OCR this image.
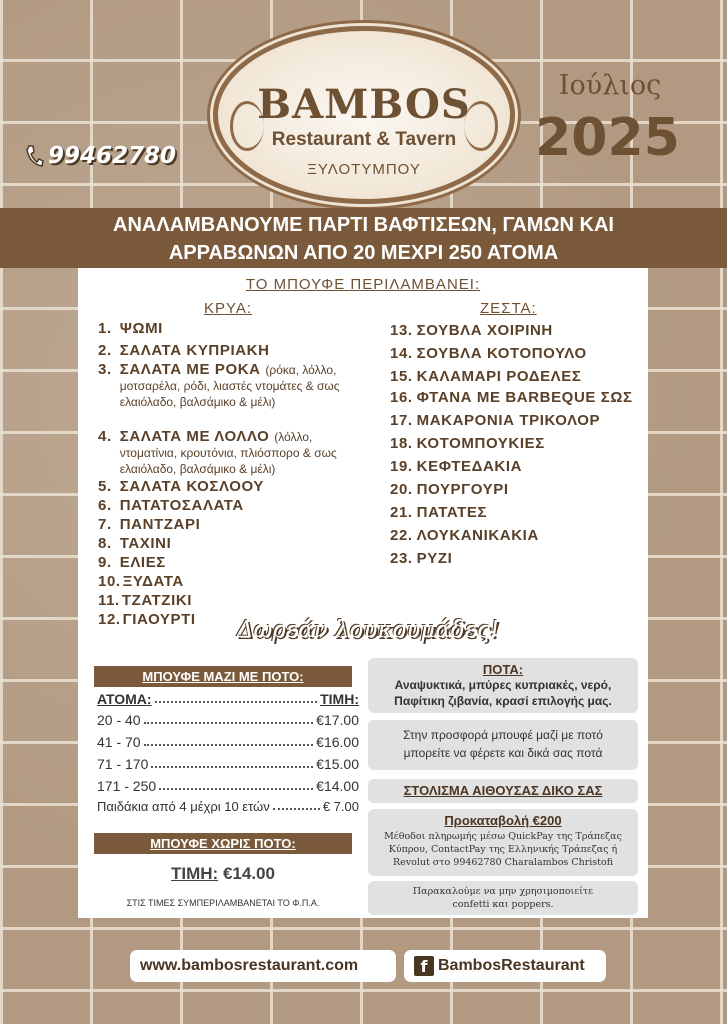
BAMBOS
Restaurant & Tavern
ΞΥΛΟΤΥΜΠΟΥ
99462780
Ιούλιος
2025
ΑΝΑΛΑΜΒΑΝΟΥΜΕ ΠΑΡΤΙ ΒΑΦΤΙΣΕΩΝ, ΓΑΜΩΝ ΚΑΙ
ΑΡΡΑΒΩΝΩΝ ΑΠΟ 20 ΜΕΧΡΙ 250 ΑΤΟΜΑ
ΤΟ ΜΠΟΥΦΕ ΠΕΡΙΛΑΜΒΑΝΕΙ:
ΚΡΥΑ:	ΖΕΣΤΑ:
1. ΨΩΜΙ
2. ΣΑΛΑΤΑ ΚΥΠΡΙΑΚΗ
3. ΣΑΛΑΤΑ ΜΕ ΡΟΚΑ (ρόκα, λόλλο, μοτσαρέλα, ρόδι, λιαστές ντομάτες & σως ελαιόλαδο, βαλσάμικο & μέλι)
4. ΣΑΛΑΤΑ ΜΕ ΛΟΛΛΟ (λόλλο, ντοματίνια, κρουτόνια, πλιόσπορο & σως ελαιόλαδο, βαλσάμικο & μέλι)
5. ΣΑΛΑΤΑ ΚΟΣΛΟΟΥ
6. ΠΑΤΑΤΟΣΑΛΑΤΑ
7. ΠΑΝΤΖΑΡΙ
8. ΤΑΧΙΝΙ
9. ΕΛΙΕΣ
10. ΞΥΔΑΤΑ
11. ΤΖΑΤΖΙΚΙ
12. ΓΙΑΟΥΡΤΙ
13. ΣΟΥΒΛΑ ΧΟΙΡΙΝΗ
14. ΣΟΥΒΛΑ ΚΟΤΟΠΟΥΛΟ
15. ΚΑΛΑΜΑΡΙ ΡΟΔΕΛΕΣ
16. ΦΤΑΝΑ ΜΕ BARBEQUE ΣΩΣ
17. ΜΑΚΑΡΟΝΙΑ ΤΡΙΚΟΛΟΡ
18. ΚΟΤΟΜΠΟΥΚΙΕΣ
19. ΚΕΦΤΕΔΑΚΙΑ
20. ΠΟΥΡΓΟΥΡΙ
21. ΠΑΤΑΤΕΣ
22. ΛΟΥΚΑΝΙΚΑΚΙΑ
23. ΡΥΖΙ
Δωρεάν λουκουμάδες!
ΜΠΟΥΦΕ ΜΑΖΙ ΜΕ ΠΟΤΟ:
ΑΤΟΜΑ:	ΤΙΜΗ:
20 - 40	€17.00
41 - 70	€16.00
71 - 170	€15.00
171 - 250	€14.00
Παιδάκια από 4 μέχρι 10 ετών	€ 7.00
ΜΠΟΥΦΕ ΧΩΡΙΣ ΠΟΤΟ:
ΤΙΜΗ: €14.00
ΣΤΙΣ ΤΙΜΕΣ ΣΥΜΠΕΡΙΛΑΜΒΑΝΕΤΑΙ ΤΟ Φ.Π.Α.
ΠΟΤΑ:
Αναψυκτικά, μπύρες κυπριακές, νερό,
Παφίτικη ζιβανία, κρασί επιλογής μας.
Στην προσφορά μπουφέ μαζί με ποτό
μπορείτε να φέρετε και δικά σας ποτά
ΣΤΟΛΙΣΜΑ ΑΙΘΟΥΣΑΣ ΔΙΚΟ ΣΑΣ
Προκαταβολή €200
Μέθοδοι πληρωμής μέσω QuickPay της Τράπεζας
Κύπρου, ContactPay της Ελληνικής Τράπεζας ή
Revolut στο 99462780 Charalambos Christofi
Παρακαλούμε να μην χρησιμοποιείτε
confetti και poppers.
www.bambosrestaurant.com	f BambosRestaurant
